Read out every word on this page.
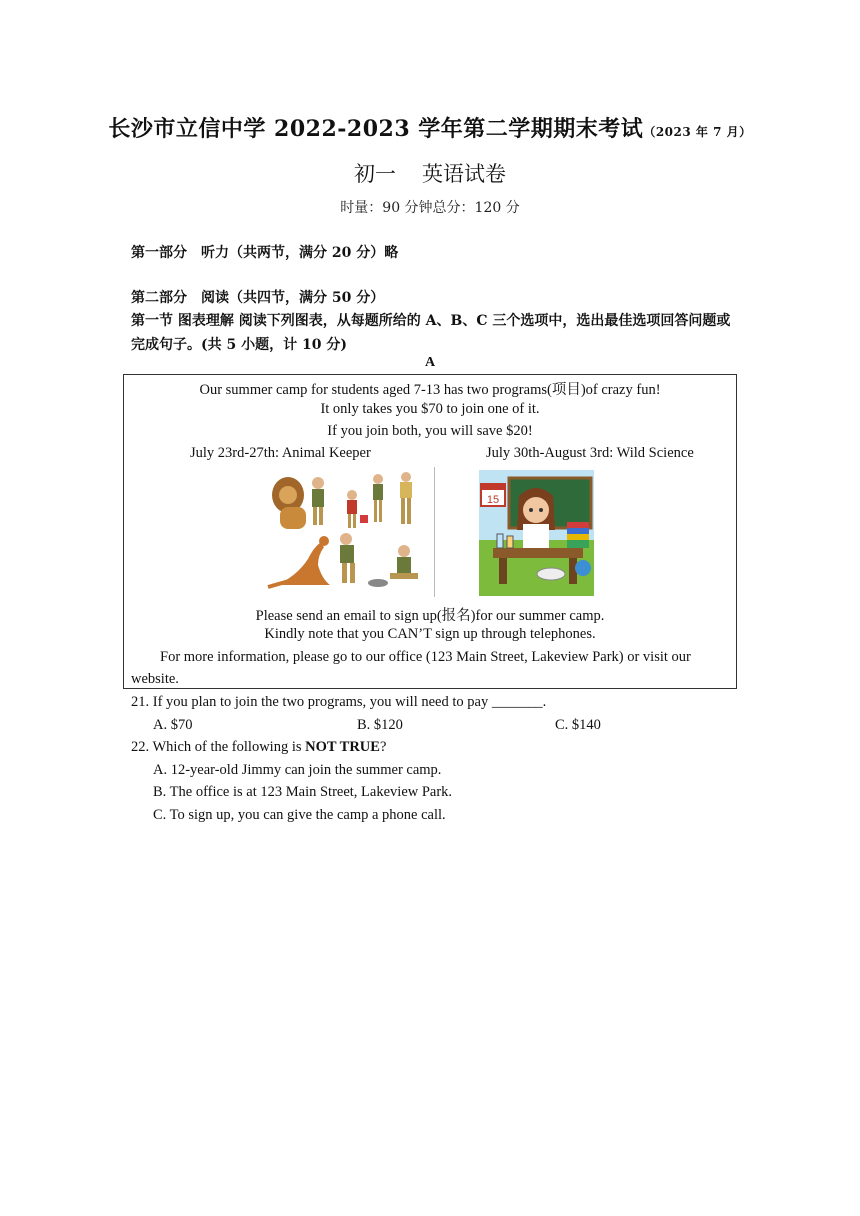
长沙市立信中学 2022-2023 学年第二学期期末考试（2023 年 7 月）
初一 英语试卷
时量：90 分钟总分：120 分
第一部分　听力（共两节，满分 20 分）略
第二部分　阅读（共四节，满分 50 分）
第一节 图表理解 阅读下列图表，从每题所给的 A、B、C 三个选项中，选出最佳选项回答问题或完成句子。(共 5 小题，计 10 分)
A
Our summer camp for students aged 7-13 has two programs(项目)of crazy fun!
It only takes you $70 to join one of it.
If you join both, you will save $20!
July 23rd-27th: Animal Keeper	July 30th-August 3rd: Wild Science
15
Please send an email to sign up(报名)for our summer camp.
Kindly note that you CAN’T sign up through telephones.
For more information, please go to our office (123 Main Street, Lakeview Park) or visit our
website.
21. If you plan to join the two programs, you will need to pay _______.
A. $70	B. $120	C. $140
22. Which of the following is NOT TRUE?
A. 12-year-old Jimmy can join the summer camp.
B. The office is at 123 Main Street, Lakeview Park.
C. To sign up, you can give the camp a phone call.
